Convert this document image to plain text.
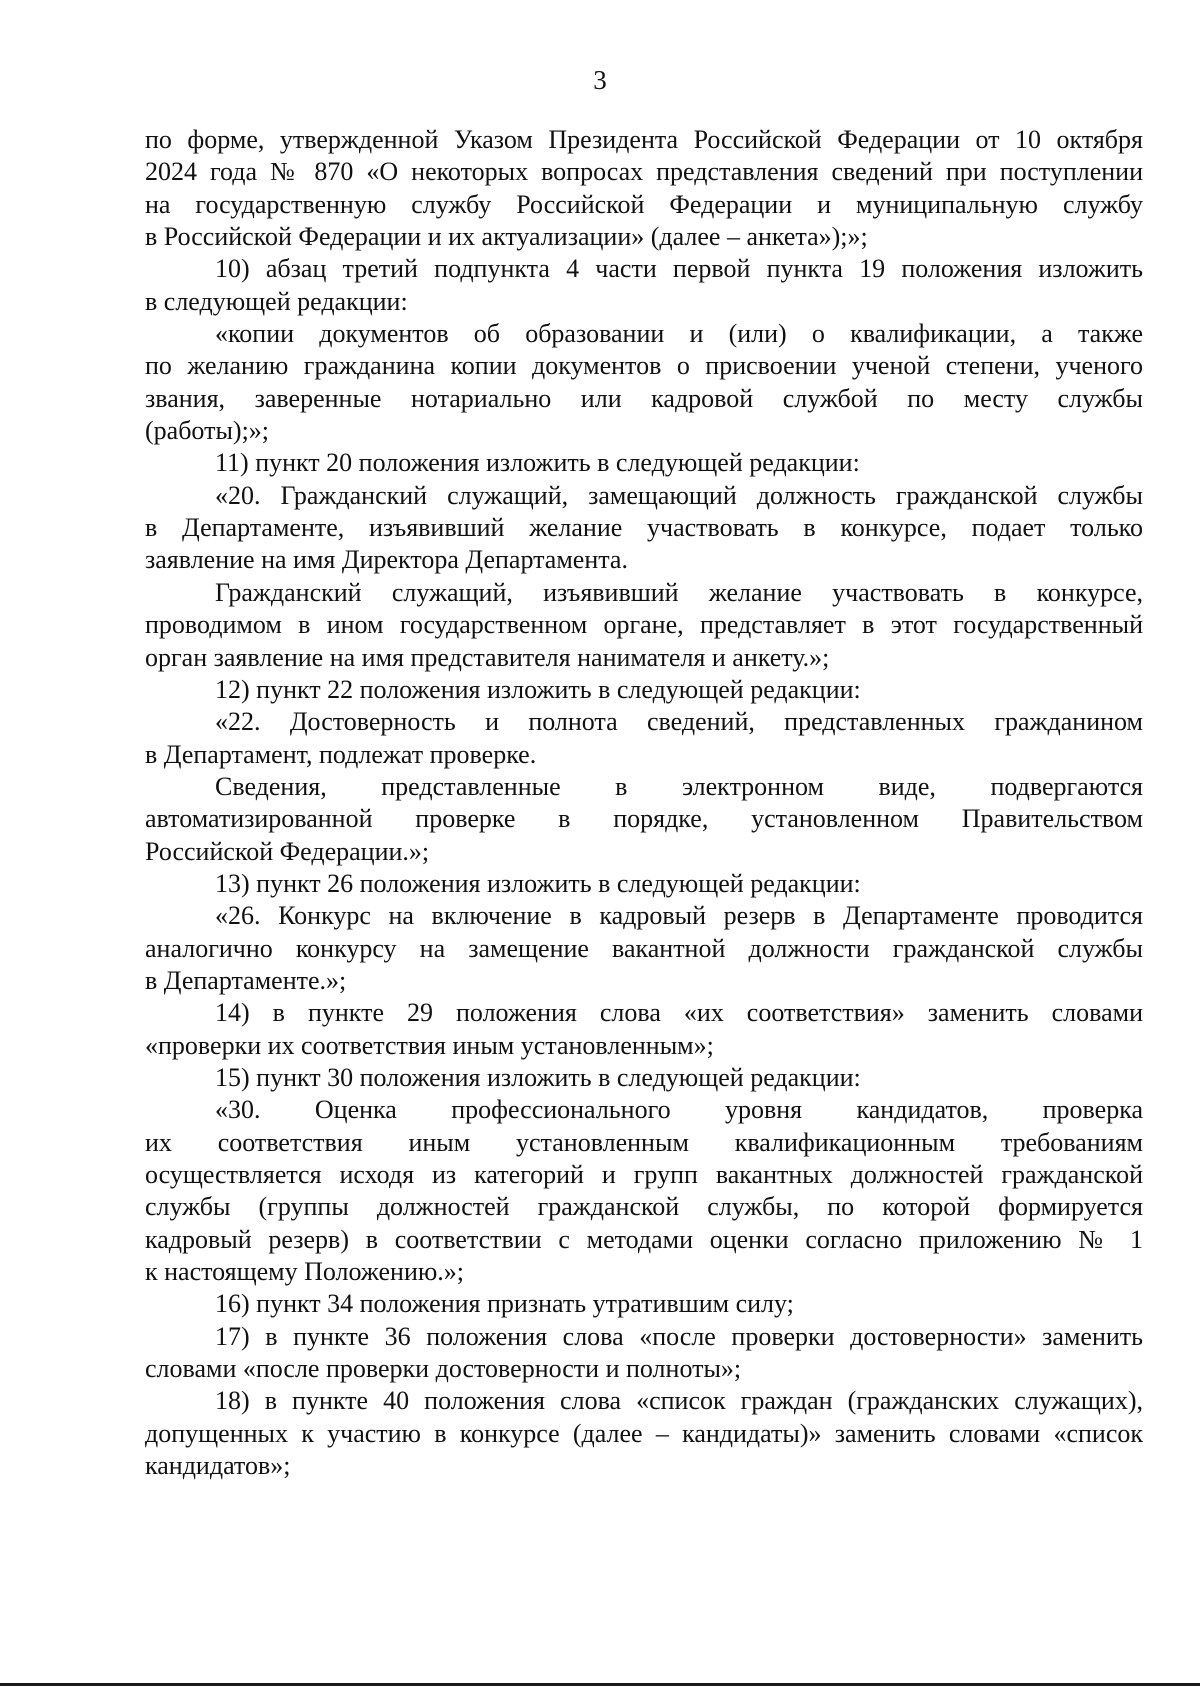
3
по форме, утвержденной Указом Президента Российской Федерации от 10 октября
2024 года № 870 «О некоторых вопросах представления сведений при поступлении
на государственную службу Российской Федерации и муниципальную службу
в Российской Федерации и их актуализации» (далее – анкета»);»;
10) абзац третий подпункта 4 части первой пункта 19 положения изложить
в следующей редакции:
«копии документов об образовании и (или) о квалификации, а также
по желанию гражданина копии документов о присвоении ученой степени, ученого
звания, заверенные нотариально или кадровой службой по месту службы
(работы);»;
11) пункт 20 положения изложить в следующей редакции:
«20. Гражданский служащий, замещающий должность гражданской службы
в Департаменте, изъявивший желание участвовать в конкурсе, подает только
заявление на имя Директора Департамента.
Гражданский служащий, изъявивший желание участвовать в конкурсе,
проводимом в ином государственном органе, представляет в этот государственный
орган заявление на имя представителя нанимателя и анкету.»;
12) пункт 22 положения изложить в следующей редакции:
«22. Достоверность и полнота сведений, представленных гражданином
в Департамент, подлежат проверке.
Сведения, представленные в электронном виде, подвергаются
автоматизированной проверке в порядке, установленном Правительством
Российской Федерации.»;
13) пункт 26 положения изложить в следующей редакции:
«26. Конкурс на включение в кадровый резерв в Департаменте проводится
аналогично конкурсу на замещение вакантной должности гражданской службы
в Департаменте.»;
14) в пункте 29 положения слова «их соответствия» заменить словами
«проверки их соответствия иным установленным»;
15) пункт 30 положения изложить в следующей редакции:
«30. Оценка профессионального уровня кандидатов, проверка
их соответствия иным установленным квалификационным требованиям
осуществляется исходя из категорий и групп вакантных должностей гражданской
службы (группы должностей гражданской службы, по которой формируется
кадровый резерв) в соответствии с методами оценки согласно приложению № 1
к настоящему Положению.»;
16) пункт 34 положения признать утратившим силу;
17) в пункте 36 положения слова «после проверки достоверности» заменить
словами «после проверки достоверности и полноты»;
18) в пункте 40 положения слова «список граждан (гражданских служащих),
допущенных к участию в конкурсе (далее – кандидаты)» заменить словами «список
кандидатов»;
